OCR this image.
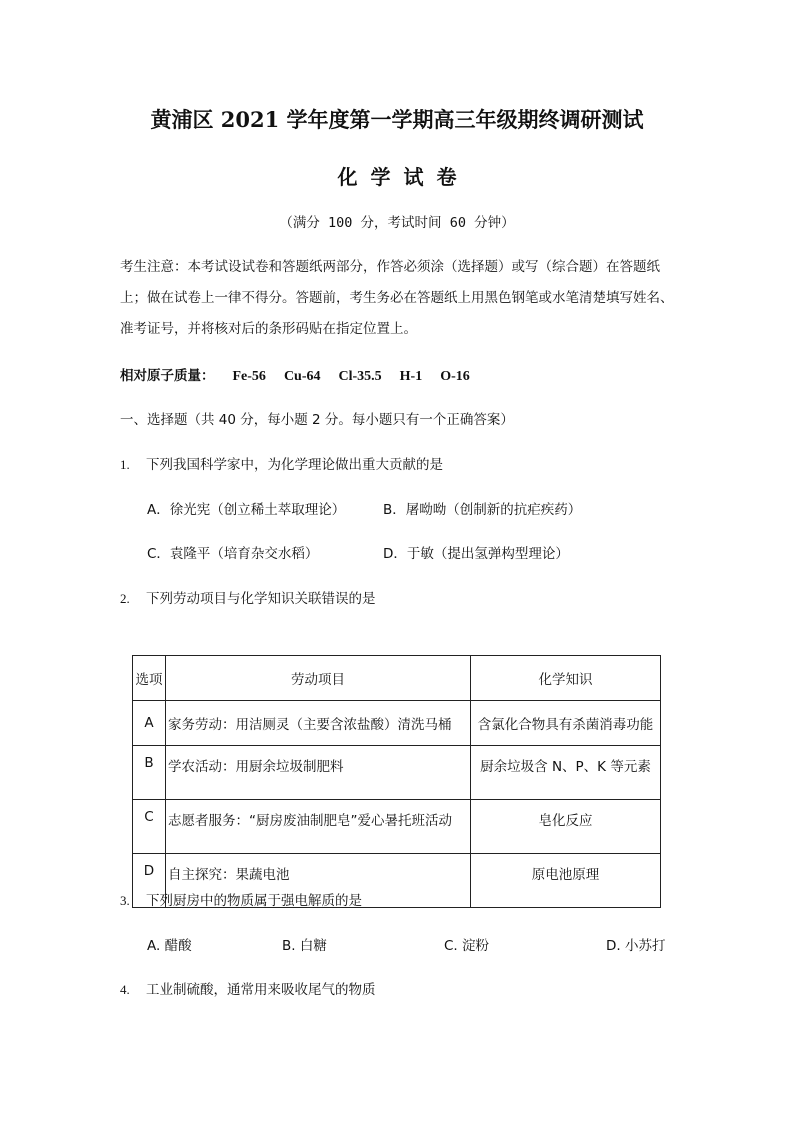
黄浦区 2021 学年度第一学期高三年级期终调研测试
化学试卷
（满分 100 分，考试时间 60 分钟）
考生注意：本考试设试卷和答题纸两部分，作答必须涂（选择题）或写（综合题）在答题纸
上；做在试卷上一律不得分。答题前，考生务必在答题纸上用黑色钢笔或水笔清楚填写姓名、
准考证号，并将核对后的条形码贴在指定位置上。
相对原子质量： Fe-56 Cu-64 Cl-35.5 H-1 O-16
一、选择题（共 40 分，每小题 2 分。每小题只有一个正确答案）
1. 下列我国科学家中，为化学理论做出重大贡献的是
A．徐光宪（创立稀土萃取理论）	B．屠呦呦（创制新的抗疟疾药）
C．袁隆平（培育杂交水稻）	D．于敏（提出氢弹构型理论）
2. 下列劳动项目与化学知识关联错误的是
选项	劳动项目	化学知识
A	家务劳动：用洁厕灵（主要含浓盐酸）清洗马桶	含氯化合物具有杀菌消毒功能
B	学农活动：用厨余垃圾制肥料	厨余垃圾含 N、P、K 等元素
C	志愿者服务：“厨房废油制肥皂”爱心暑托班活动	皂化反应
D	自主探究：果蔬电池	原电池原理
3. 下列厨房中的物质属于强电解质的是
A. 醋酸	B. 白糖	C. 淀粉	D. 小苏打
4. 工业制硫酸，通常用来吸收尾气的物质
